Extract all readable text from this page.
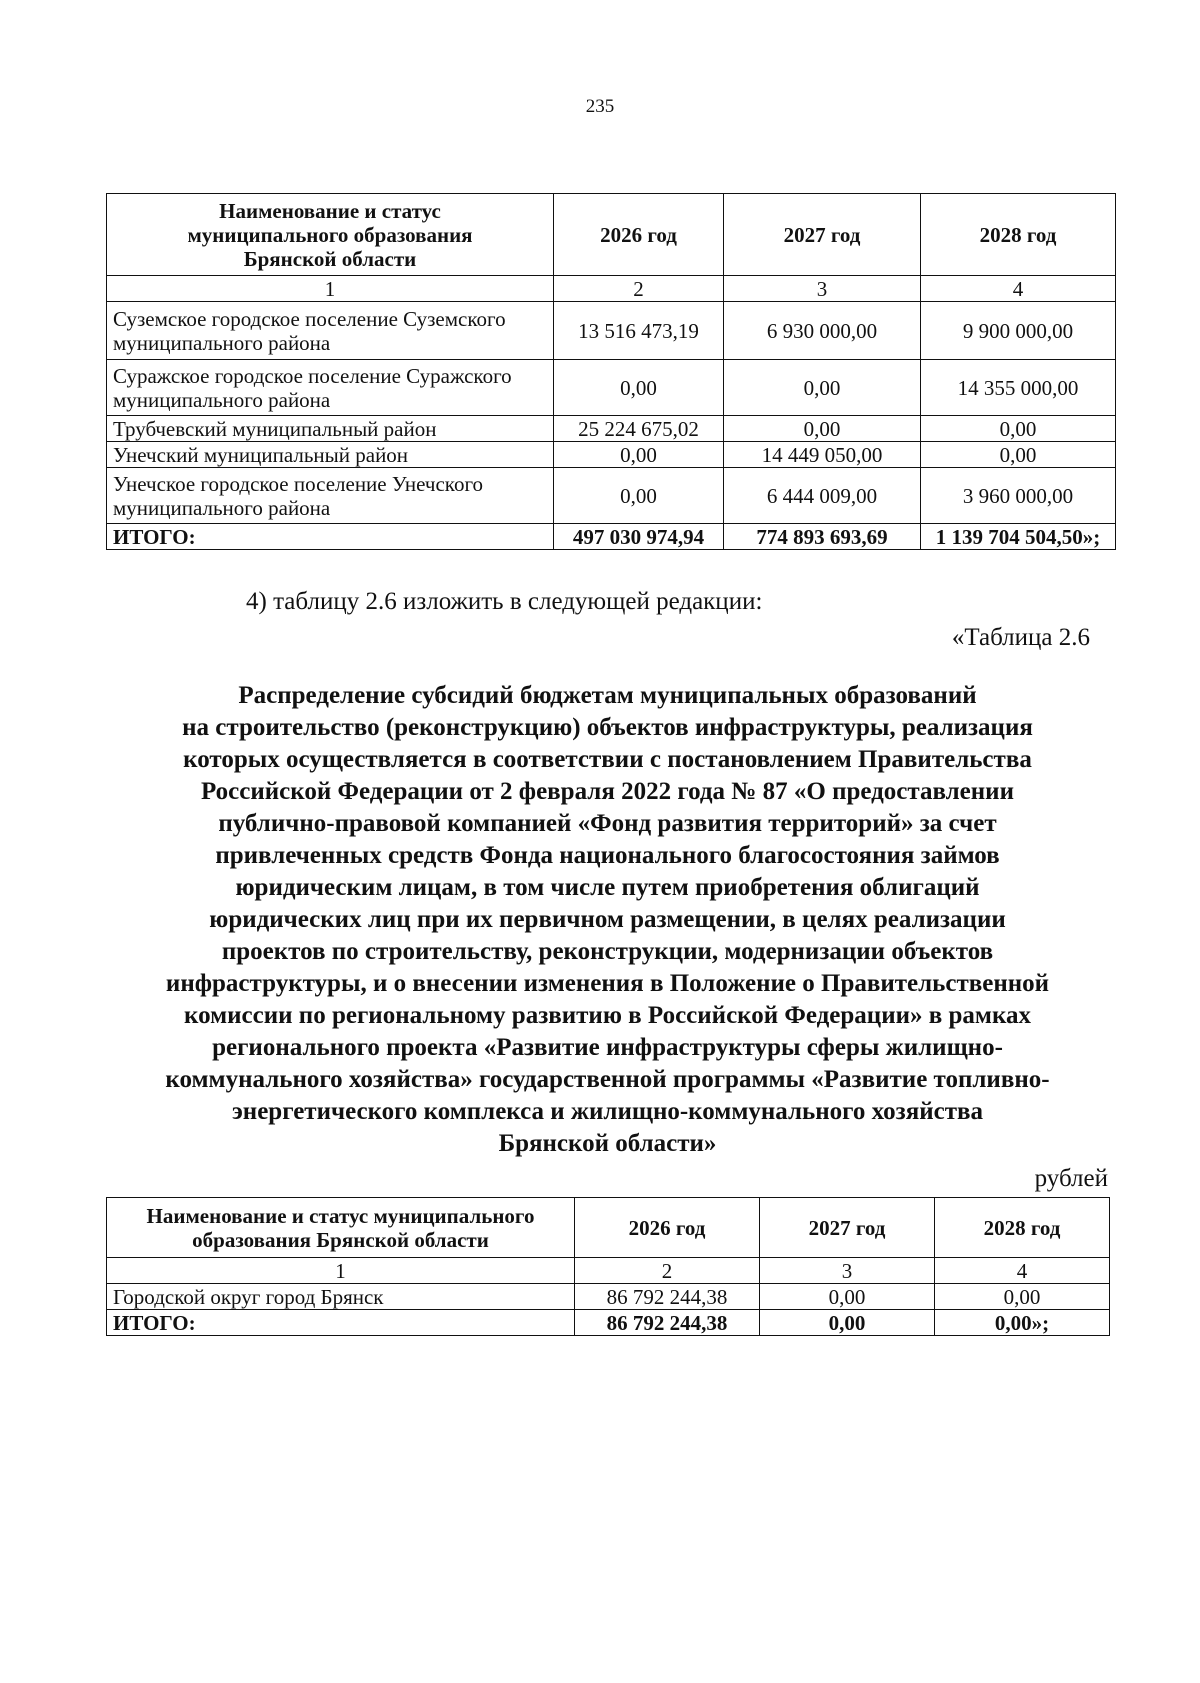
235
Наименование и статус муниципального образования Брянской области	2026 год	2027 год	2028 год
1	2	3	4
Суземское городское поселение Суземского муниципального района	13 516 473,19	6 930 000,00	9 900 000,00
Суражское городское поселение Суражского муниципального района	0,00	0,00	14 355 000,00
Трубчевский муниципальный район	25 224 675,02	0,00	0,00
Унечский муниципальный район	0,00	14 449 050,00	0,00
Унечское городское поселение Унечского муниципального района	0,00	6 444 009,00	3 960 000,00
ИТОГО:	497 030 974,94	774 893 693,69	1 139 704 504,50»;
4) таблицу 2.6 изложить в следующей редакции:
«Таблица 2.6
Распределение субсидий бюджетам муниципальных образований
на строительство (реконструкцию) объектов инфраструктуры, реализация
которых осуществляется в соответствии с постановлением Правительства
Российской Федерации от 2 февраля 2022 года № 87 «О предоставлении
публично-правовой компанией «Фонд развития территорий» за счет
привлеченных средств Фонда национального благосостояния займов
юридическим лицам, в том числе путем приобретения облигаций
юридических лиц при их первичном размещении, в целях реализации
проектов по строительству, реконструкции, модернизации объектов
инфраструктуры, и о внесении изменения в Положение о Правительственной
комиссии по региональному развитию в Российской Федерации» в рамках
регионального проекта «Развитие инфраструктуры сферы жилищно-
коммунального хозяйства» государственной программы «Развитие топливно-
энергетического комплекса и жилищно-коммунального хозяйства
Брянской области»
рублей
Наименование и статус муниципального образования Брянской области	2026 год	2027 год	2028 год
1	2	3	4
Городской округ город Брянск	86 792 244,38	0,00	0,00
ИТОГО:	86 792 244,38	0,00	0,00»;
